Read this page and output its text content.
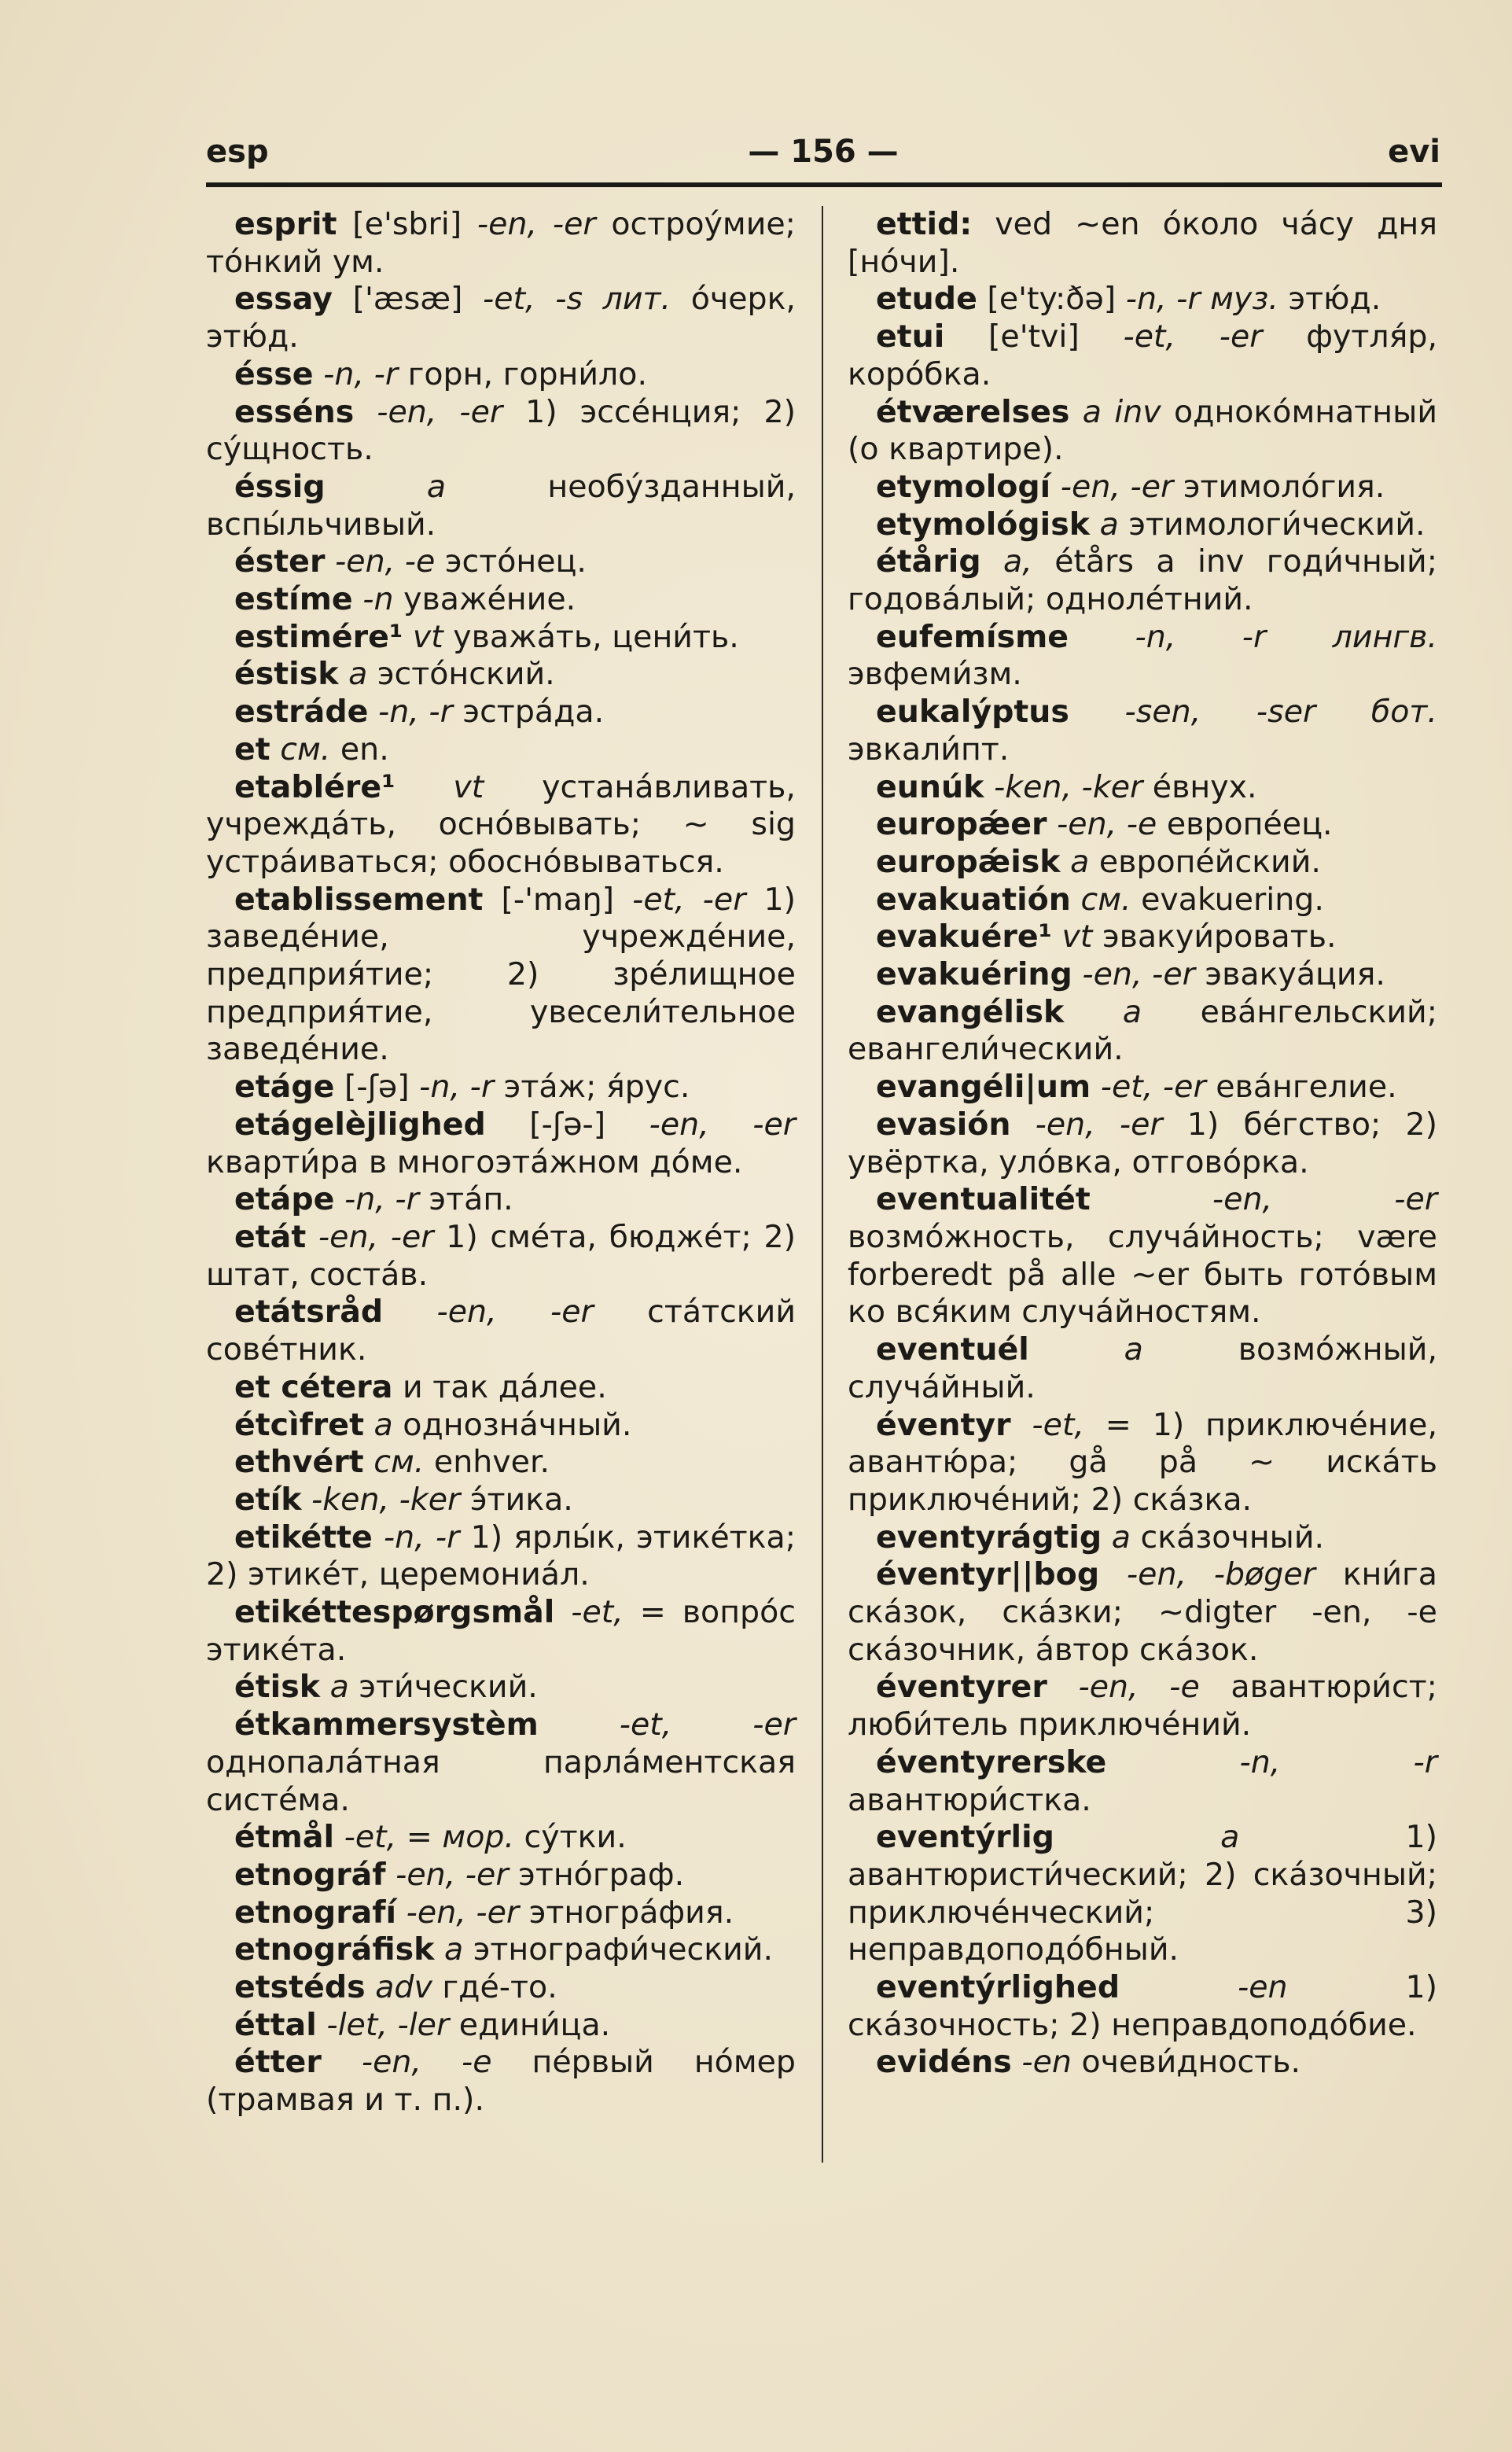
esp	— 156 —	evi

esprit [e'sbri] -en, -er остроýмие; тóнкий ум.

essay ['æsæ] -et, -s лит. óчерк, этю́д.

ésse -n, -r горн, горни́ло.

esséns -en, -er 1) эссéнция; 2) сýщность.

éssig	a необýзданный, вспы́льчивый.

éster -en, -e эстóнец.

estíme -n уважéние.

estimére¹ vt уважáть, цени́ть.

éstisk a эстóнский.

estráde -n, -r эстрáда.

et см. en.

etablére¹ vt устанáвливать, учреждáть, оснóвывать; ~ sig устрáиваться; обоснóвываться.

etablissement [-'maŋ] -et, -er 1) заведéние, учреждéние, предприя́тие; 2) зрéлищное предприя́тие, увесели́тельное заведéние.

etáge [-ʃə] -n, -r этáж; я́рус.

etágelèjlighed [-ʃə-] -en, -er кварти́ра в многоэтáжном дóме.

etápe -n, -r этáп.

etát -en, -er 1) смéта, бюджéт; 2) штат, состáв.

etátsråd -en, -er стáтский совéтник.

et cétera и так дáлее.

étcìfret a однознáчный.

ethvért см. enhver.

etík -ken, -ker э́тика.

etikétte -n, -r 1) ярлы́к, этикéтка; 2) этикéт, церемониáл.

etikéttespørgsmål -et, = вопрóс этикéта.

étisk a эти́ческий.

étkammersystèm	-et, -er однопалáтная парлáментская систéма.

étmål -et, = мор. сýтки.

etnográf -en, -er этнóграф.

etnografí -en, -er этногрáфия.

etnográfisk a этнографи́ческий.

etstéds adv гдé-то.

éttal -let, -ler едини́ца.

étter -en, -e пéрвый нóмер (трамвая и т. п.).

ettid: ved ~en óколо чáсу дня [нóчи].

etude [e'ty:ðə] -n, -r муз. этю́д.

etui [e'tvi] -et, -er футля́р, корóбка.

étværelses a inv однокóмнатный (о квартире).

etymologí -en, -er этимолóгия.

etymológisk a этимологи́ческий.

étårig a, étårs a inv годи́чный; годовáлый; однолéтний.

eufemísme -n, -r лингв. эвфеми́зм.

eukalýptus -sen, -ser бот. эвкали́пт.

eunúk -ken, -ker éвнух.

europǽer -en, -e европéец.

europǽisk a европéйский.

evakuatión см. evakuering.

evakuére¹ vt эвакуи́ровать.

evakuéring -en, -er эвакуáция.

evangélisk a евáнгельский; евангели́ческий.

evangéli|um -et, -er евáнгелие.

evasión -en, -er 1) бéгство; 2) увёртка, улóвка, отговóрка.

eventualitét	-en, -er возмóжность, случáйность; være forberedt på alle ~er быть готóвым ко вся́ким случáйностям.

eventuél	a возмóжный, случáйный.

éventyr -et, = 1) приключéние, авантю́ра; gå på ~ искáть приключéний; 2) скáзка.

eventyrágtig a скáзочный.

éventyr||bog -en, -bøger кни́га скáзок, скáзки; ~digter -en, -e скáзочник, áвтор скáзок.

éventyrer -en, -e авантюри́ст; люби́тель приключéний.

éventyrerske	-n, -r авантюри́стка.

eventýrlig	a 1) авантюристи́ческий; 2) скáзочный; приключéнческий; 3) неправдоподóбный.

eventýrlighed	-en 1) скáзочность; 2) неправдоподóбие.

evidéns -en очеви́дность.
